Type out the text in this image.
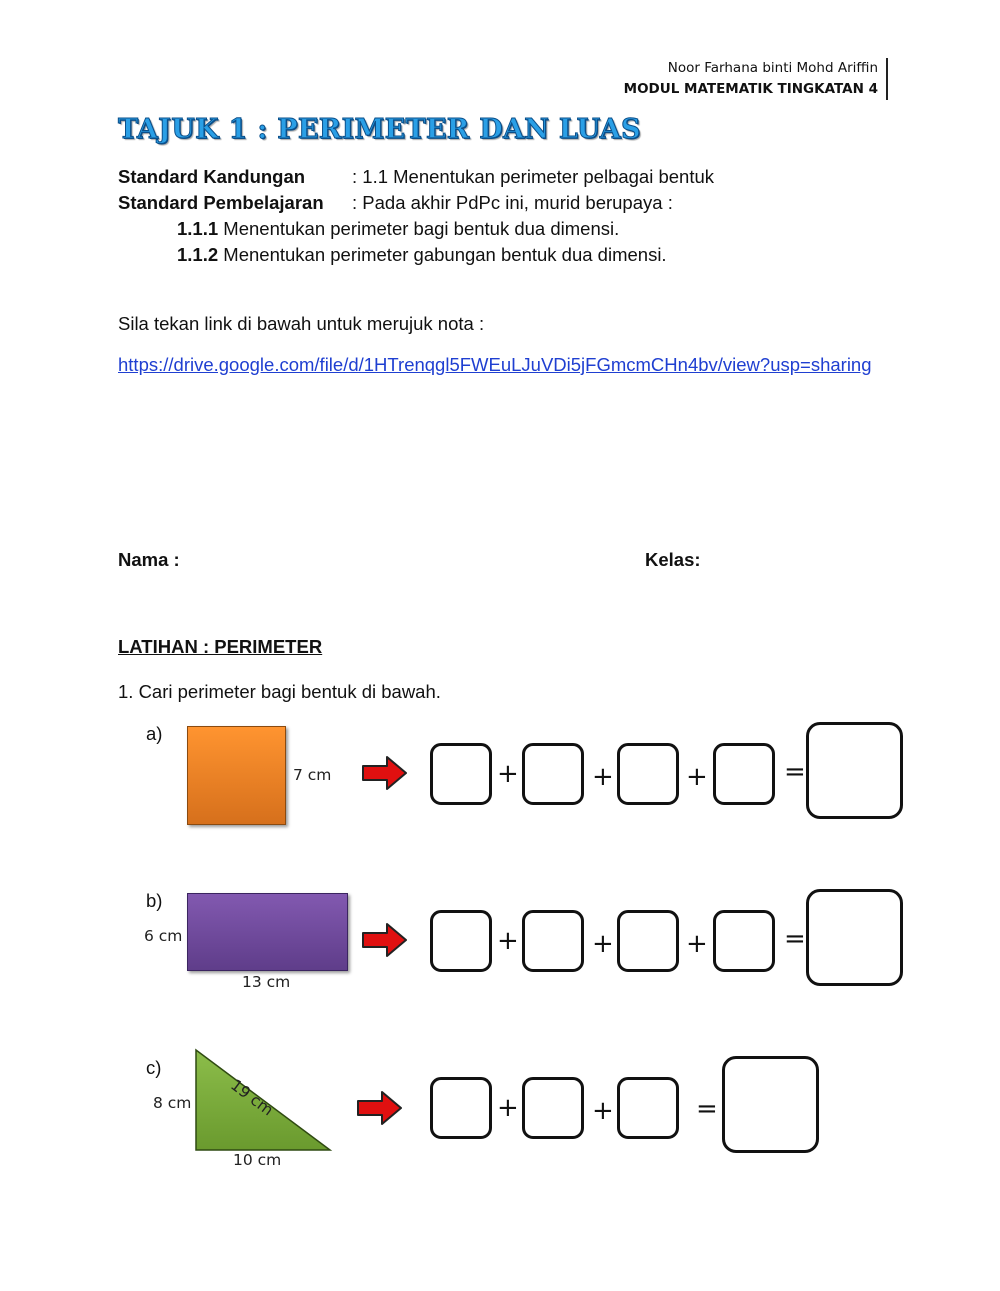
Noor Farhana binti Mohd Ariffin
MODUL MATEMATIK TINGKATAN 4
TAJUK 1 : PERIMETER DAN LUAS
Standard Kandungan	: 1.1 Menentukan perimeter pelbagai bentuk
Standard Pembelajaran : Pada akhir PdPc ini, murid berupaya :
1.1.1 Menentukan perimeter bagi bentuk dua dimensi.
1.1.2 Menentukan perimeter gabungan bentuk dua dimensi.
Sila tekan link di bawah untuk merujuk nota :
https://drive.google.com/file/d/1HTrenqgl5FWEuLJuVDi5jFGmcmCHn4bv/view?usp=sharing
Nama :	Kelas:
LATIHAN : PERIMETER
1. Cari perimeter bagi bentuk di bawah.
a)
7 cm	+	+	+	=
b)
6 cm
13 cm
+	+	+	=
c)
8 cm 19 cm
10 cm
+	+	=
